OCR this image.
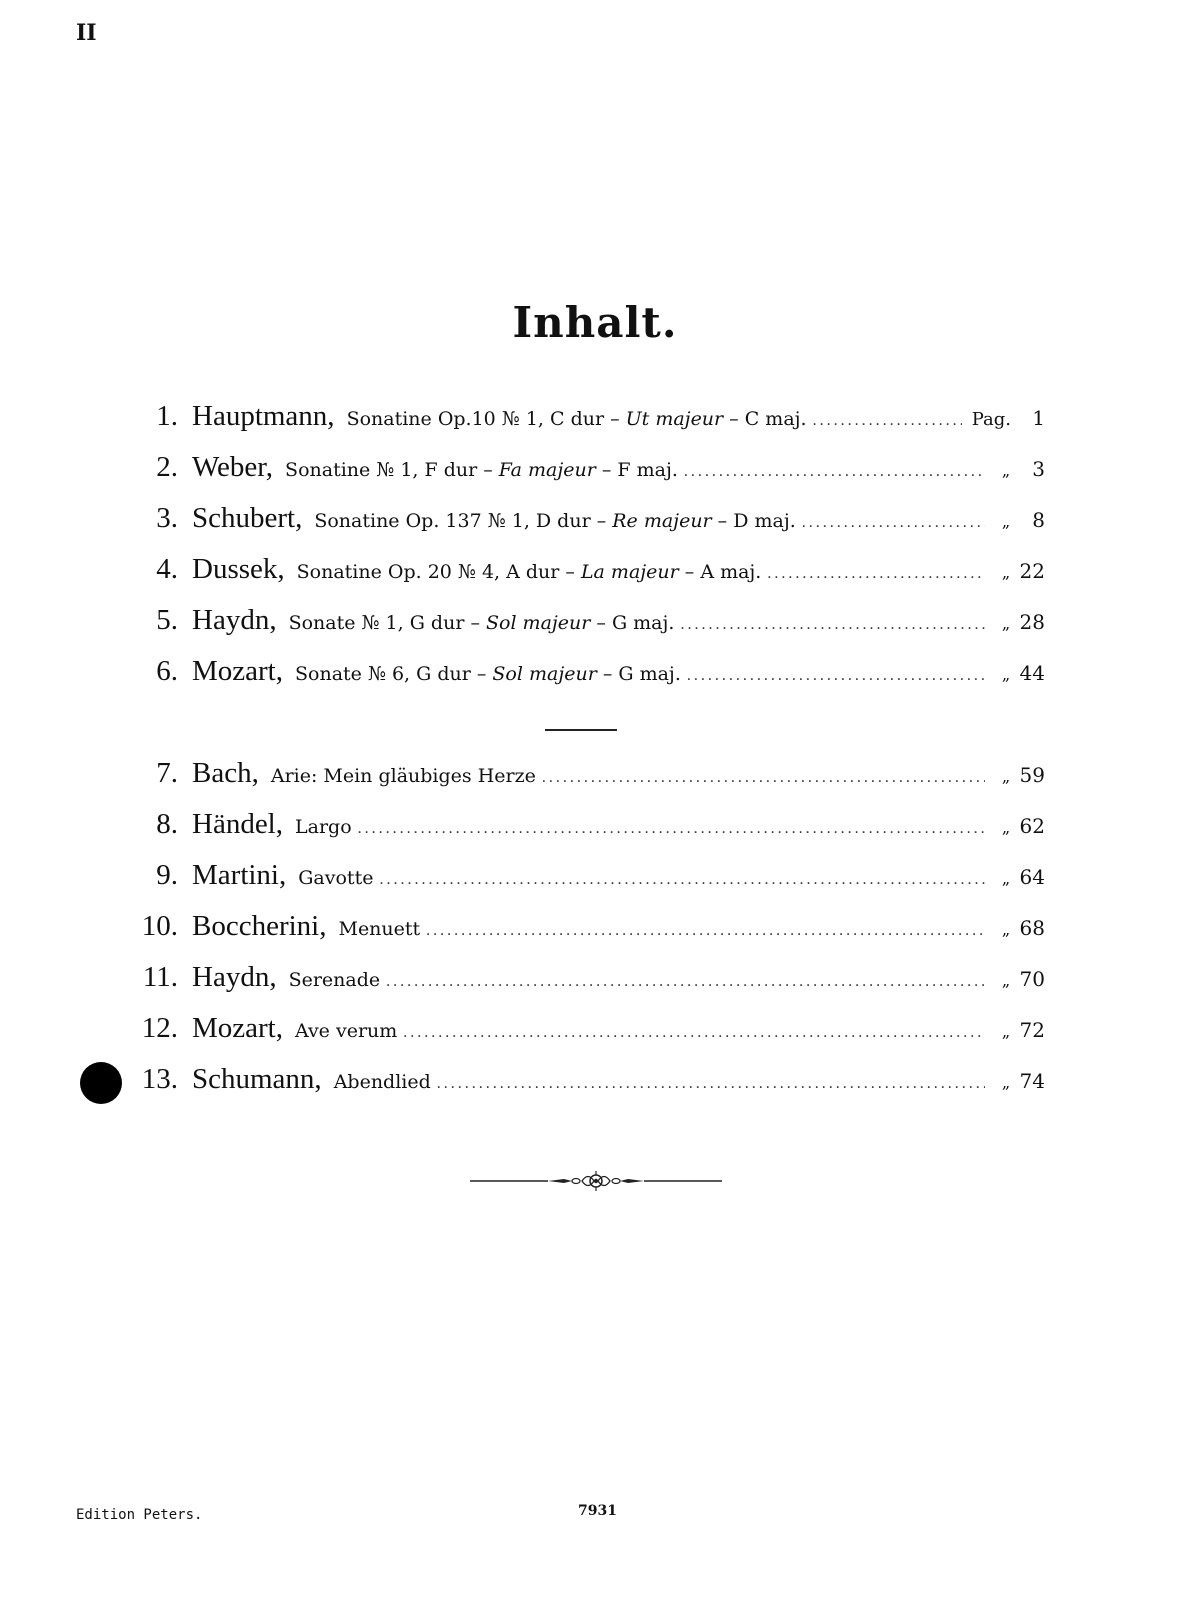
II
Inhalt.
1. Hauptmann, Sonatine Op.10 № 1, C dur – Ut majeur – C maj. .....	Pag.	1
2. Weber, Sonatine № 1, F dur – Fa majeur – F maj. .....	„	3
3. Schubert, Sonatine Op. 137 № 1, D dur – Re majeur – D maj. .....	„	8
4. Dussek, Sonatine Op. 20 № 4, A dur – La majeur – A maj. .....	„ 22
5. Haydn, Sonate № 1, G dur – Sol majeur – G maj. .....	„ 28
6. Mozart, Sonate № 6, G dur – Sol majeur – G maj. .....	„ 44
7. Bach, Arie: Mein gläubiges Herze .....	„ 59
8. Händel, Largo .....	„ 62
9. Martini, Gavotte .....	„ 64
10. Boccherini, Menuett .....	„ 68
11. Haydn, Serenade .....	„ 70
12. Mozart, Ave verum .....	„ 72
13. Schumann, Abendlied .....	„ 74
Edition Peters.	7931
